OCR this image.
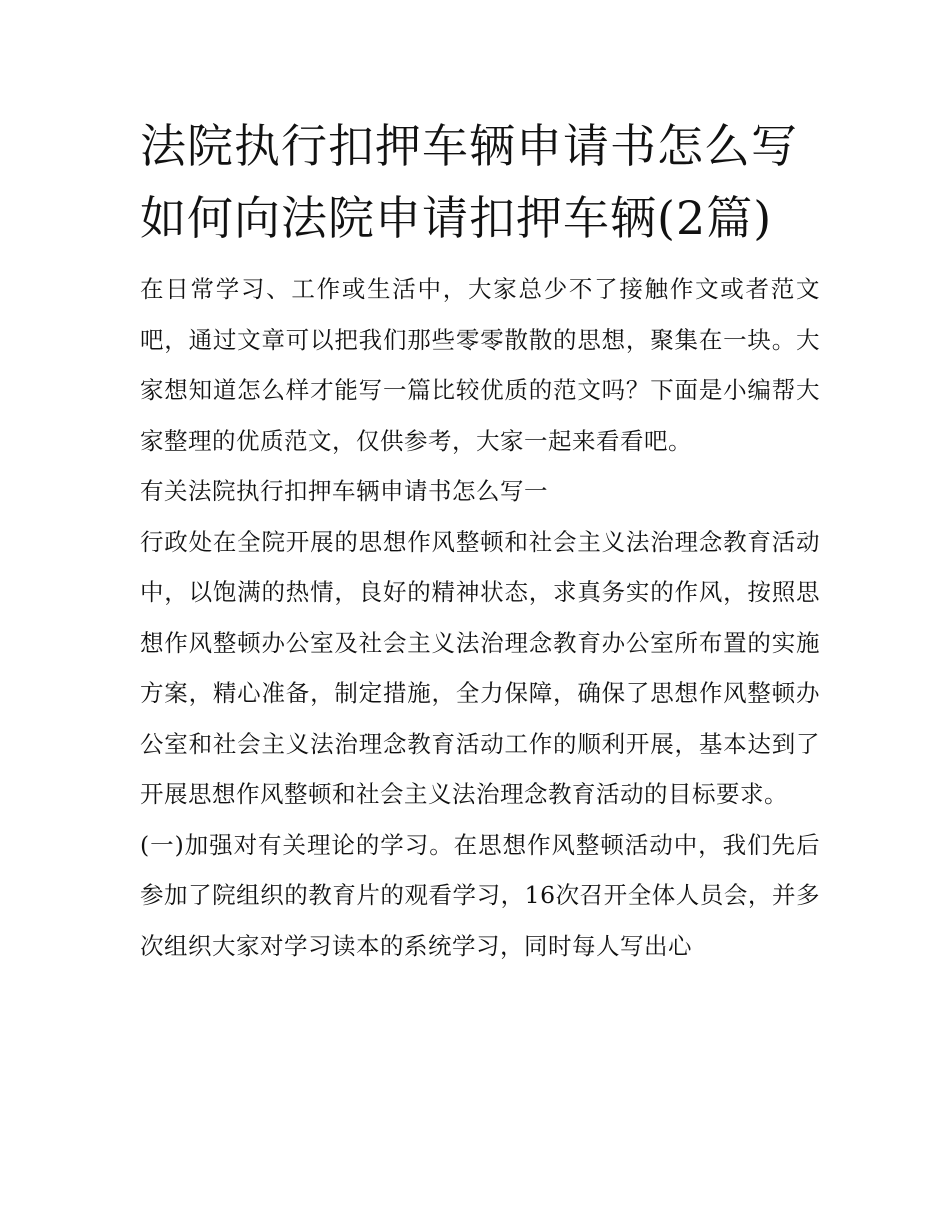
法院执行扣押车辆申请书怎么写 如何向法院申请扣押车辆(2篇)

在日常学习、工作或生活中，大家总少不了接触作文或者范文吧，通过文章可以把我们那些零零散散的思想，聚集在一块。大家想知道怎么样才能写一篇比较优质的范文吗？下面是小编帮大家整理的优质范文，仅供参考，大家一起来看看吧。

有关法院执行扣押车辆申请书怎么写一

行政处在全院开展的思想作风整顿和社会主义法治理念教育活动中，以饱满的热情，良好的精神状态，求真务实的作风，按照思想作风整顿办公室及社会主义法治理念教育办公室所布置的实施方案，精心准备，制定措施，全力保障，确保了思想作风整顿办公室和社会主义法治理念教育活动工作的顺利开展，基本达到了开展思想作风整顿和社会主义法治理念教育活动的目标要求。

(一)加强对有关理论的学习。在思想作风整顿活动中，我们先后参加了院组织的教育片的观看学习，16次召开全体人员会，并多次组织大家对学习读本的系统学习，同时每人写出心
